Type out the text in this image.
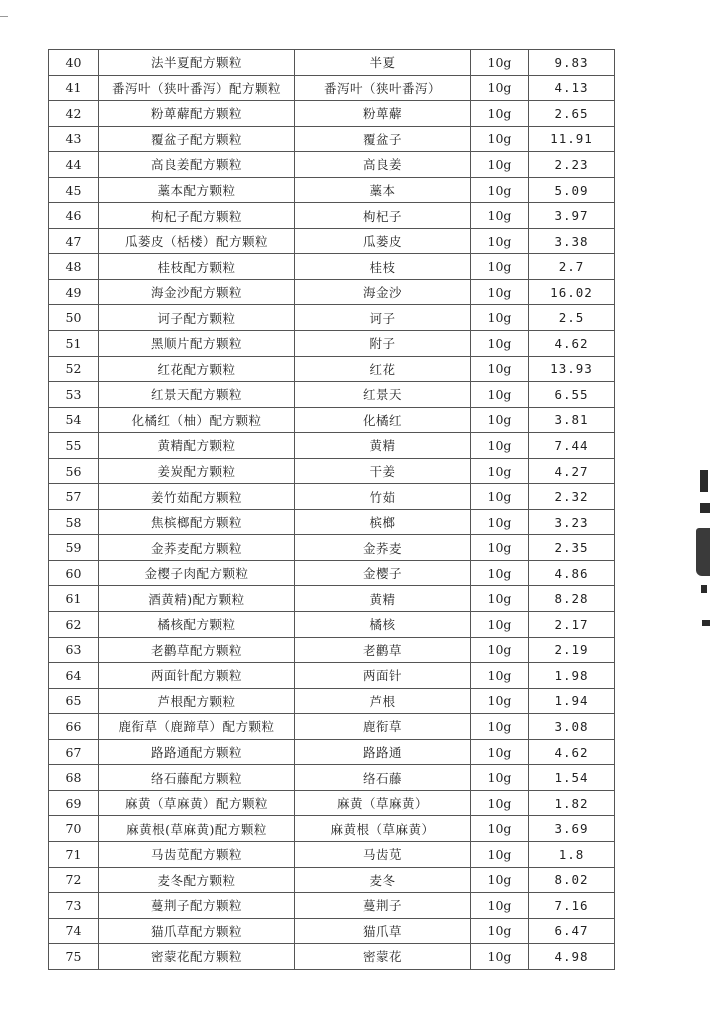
40	法半夏配方颗粒	半夏	10g	9.83
41	番泻叶（狭叶番泻）配方颗粒	番泻叶（狭叶番泻）	10g	4.13
42	粉萆薢配方颗粒	粉萆薢	10g	2.65
43	覆盆子配方颗粒	覆盆子	10g	11.91
44	高良姜配方颗粒	高良姜	10g	2.23
45	藁本配方颗粒	藁本	10g	5.09
46	枸杞子配方颗粒	枸杞子	10g	3.97
47	瓜蒌皮（栝楼）配方颗粒	瓜蒌皮	10g	3.38
48	桂枝配方颗粒	桂枝	10g	2.7
49	海金沙配方颗粒	海金沙	10g	16.02
50	诃子配方颗粒	诃子	10g	2.5
51	黑顺片配方颗粒	附子	10g	4.62
52	红花配方颗粒	红花	10g	13.93
53	红景天配方颗粒	红景天	10g	6.55
54	化橘红（柚）配方颗粒	化橘红	10g	3.81
55	黄精配方颗粒	黄精	10g	7.44
56	姜炭配方颗粒	干姜	10g	4.27
57	姜竹茹配方颗粒	竹茹	10g	2.32
58	焦槟榔配方颗粒	槟榔	10g	3.23
59	金荞麦配方颗粒	金荞麦	10g	2.35
60	金樱子肉配方颗粒	金樱子	10g	4.86
61	酒黄精)配方颗粒	黄精	10g	8.28
62	橘核配方颗粒	橘核	10g	2.17
63	老鹳草配方颗粒	老鹳草	10g	2.19
64	两面针配方颗粒	两面针	10g	1.98
65	芦根配方颗粒	芦根	10g	1.94
66	鹿衔草（鹿蹄草）配方颗粒	鹿衔草	10g	3.08
67	路路通配方颗粒	路路通	10g	4.62
68	络石藤配方颗粒	络石藤	10g	1.54
69	麻黄（草麻黄）配方颗粒	麻黄（草麻黄）	10g	1.82
70	麻黄根(草麻黄)配方颗粒	麻黄根（草麻黄）	10g	3.69
71	马齿苋配方颗粒	马齿苋	10g	1.8
72	麦冬配方颗粒	麦冬	10g	8.02
73	蔓荆子配方颗粒	蔓荆子	10g	7.16
74	猫爪草配方颗粒	猫爪草	10g	6.47
75	密蒙花配方颗粒	密蒙花	10g	4.98
